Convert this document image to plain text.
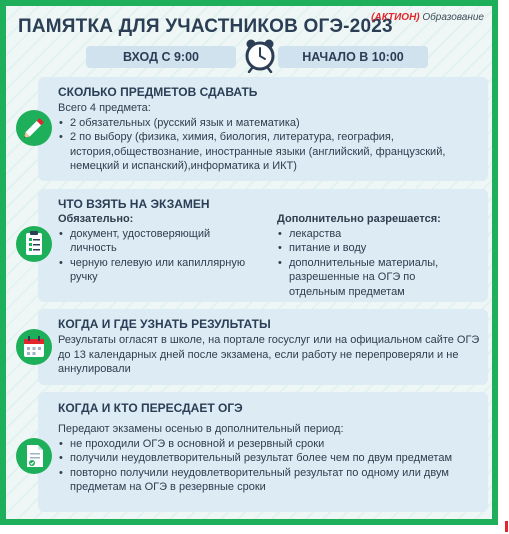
ПАМЯТКА ДЛЯ УЧАСТНИКОВ ОГЭ-2023
(АКТИОН) Образование
ВХОД С 9:00	НАЧАЛО В 10:00
СКОЛЬКО ПРЕДМЕТОВ СДАВАТЬ
Всего 4 предмета:
• 2 обязательных (русский язык и математика)
• 2 по выбору (физика, химия, биология, литература, география, история,обществознание, иностранные языки (английский, французский, немецкий и испанский),информатика и ИКТ)
ЧТО ВЗЯТЬ НА ЭКЗАМЕН
Обязательно:
• документ, удостоверяющий личность
• черную гелевую или капиллярную ручку
Дополнительно разрешается:
• лекарства
• питание и воду
• дополнительные материалы, разрешенные на ОГЭ по отдельным предметам
КОГДА И ГДЕ УЗНАТЬ РЕЗУЛЬТАТЫ
Результаты огласят в школе, на портале госуслуг или на официальном сайте ОГЭ до 13 календарных дней после экзамена, если работу не перепроверяли и не аннулировали
КОГДА И КТО ПЕРЕСДАЕТ ОГЭ
Передают экзамены осенью в дополнительный период:
• не проходили ОГЭ в основной и резервный сроки
• получили неудовлетворительный результат более чем по двум предметам
• повторно получили неудовлетворительный результат по одному или двум предметам на ОГЭ в резервные сроки
